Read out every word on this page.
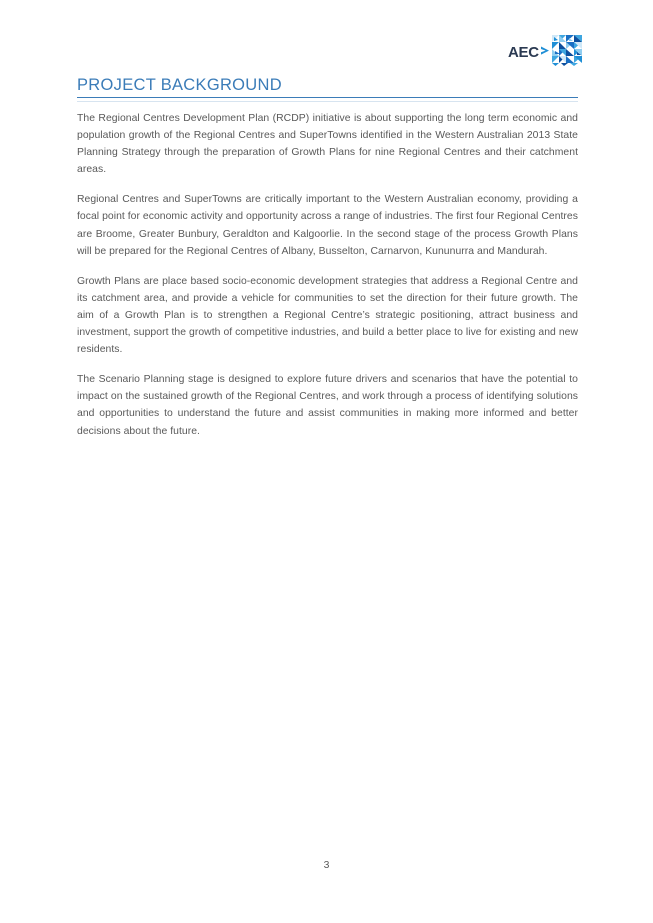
AEC
PROJECT BACKGROUND

The Regional Centres Development Plan (RCDP) initiative is about supporting the long term economic and population growth of the Regional Centres and SuperTowns identified in the Western Australian 2013 State Planning Strategy through the preparation of Growth Plans for nine Regional Centres and their catchment areas.

Regional Centres and SuperTowns are critically important to the Western Australian economy, providing a focal point for economic activity and opportunity across a range of industries. The first four Regional Centres are Broome, Greater Bunbury, Geraldton and Kalgoorlie. In the second stage of the process Growth Plans will be prepared for the Regional Centres of Albany, Busselton, Carnarvon, Kununurra and Mandurah.

Growth Plans are place based socio-economic development strategies that address a Regional Centre and its catchment area, and provide a vehicle for communities to set the direction for their future growth. The aim of a Growth Plan is to strengthen a Regional Centre’s strategic positioning, attract business and investment, support the growth of competitive industries, and build a better place to live for existing and new residents.

The Scenario Planning stage is designed to explore future drivers and scenarios that have the potential to impact on the sustained growth of the Regional Centres, and work through a process of identifying solutions and opportunities to understand the future and assist communities in making more informed and better decisions about the future.

3
